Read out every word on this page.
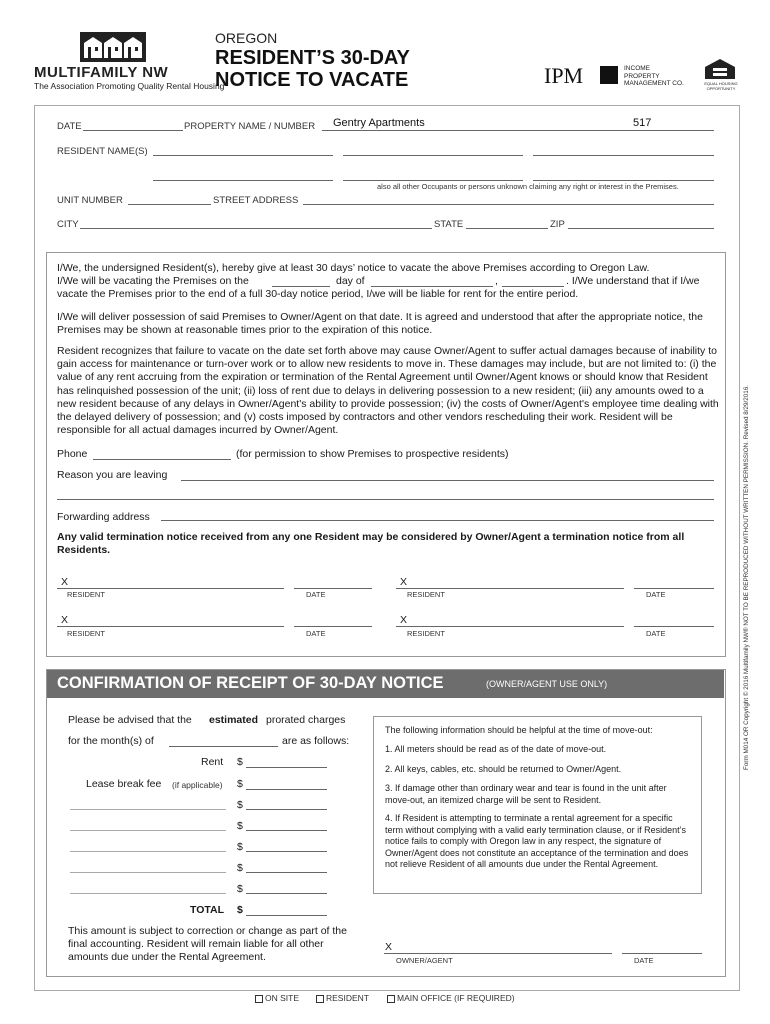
MULTIFAMILY NW
The Association Promoting Quality Rental Housing
OREGON
RESIDENT’S 30-DAY
NOTICE TO VACATE	IPM	INCOME PROPERTY MANAGEMENT CO.	EQUAL HOUSING OPPORTUNITY
DATE	PROPERTY NAME / NUMBER Gentry Apartments	517
RESIDENT NAME(S)
also all other Occupants or persons unknown claiming any right or interest in the Premises.
UNIT NUMBER	STREET ADDRESS
CITY	STATE	ZIP
I/We, the undersigned Resident(s), hereby give at least 30 days’ notice to vacate the above Premises according to Oregon Law.
I/We will be vacating the Premises on the	day of	,	. I/We understand that if I/we
vacate the Premises prior to the end of a full 30-day notice period, I/we will be liable for rent for the entire period.
I/We will deliver possession of said Premises to Owner/Agent on that date. It is agreed and understood that after the appropriate notice, the Premises may be shown at reasonable times prior to the expiration of this notice.
Resident recognizes that failure to vacate on the date set forth above may cause Owner/Agent to suffer actual damages because of inability to gain access for maintenance or turn-over work or to allow new residents to move in. These damages may include, but are not limited to: (i) the value of any rent accruing from the expiration or termination of the Rental Agreement until Owner/Agent knows or should know that Resident has relinquished possession of the unit; (ii) loss of rent due to delays in delivering possession to a new resident; (iii) any amounts owed to a new resident because of any delays in Owner/Agent's ability to provide possession; (iv) the costs of Owner/Agent's employee time dealing with the delayed delivery of possession; and (v) costs imposed by contractors and other vendors rescheduling their work. Resident will be responsible for all actual damages incurred by Owner/Agent.
Phone	(for permission to show Premises to prospective residents)
Reason you are leaving
Forwarding address
Any valid termination notice received from any one Resident may be considered by Owner/Agent a termination notice from all Residents.
X
RESIDENT	DATE
X
RESIDENT	DATE
X
RESIDENT	DATE
X
RESIDENT	DATE	Form M014 OR Copyright © 2016 Multifamily NW® NOT TO BE REPRODUCED WITHOUT WRITTEN PERMISSION. Revised 8/29/2016.
CONFIRMATION OF RECEIPT OF 30-DAY NOTICE	(OWNER/AGENT USE ONLY)
Please be advised that the estimated prorated charges
for the month(s) of	are as follows:
Rent $
Lease break fee (if applicable) $
$
$
$
$
$
TOTAL $
This amount is subject to correction or change as part of the final accounting. Resident will remain liable for all other amounts due under the Rental Agreement.
The following information should be helpful at the time of move-out:
1. All meters should be read as of the date of move-out.
2. All keys, cables, etc. should be returned to Owner/Agent.
3. If damage other than ordinary wear and tear is found in the unit after move-out, an itemized charge will be sent to Resident.
4. If Resident is attempting to terminate a rental agreement for a specific term without complying with a valid early termination clause, or if Resident’s notice fails to comply with Oregon law in any respect, the signature of Owner/Agent does not constitute an acceptance of the termination and does not relieve Resident of all amounts due under the Rental Agreement.
X
OWNER/AGENT	DATE
ON SITE	RESIDENT	MAIN OFFICE (IF REQUIRED)
